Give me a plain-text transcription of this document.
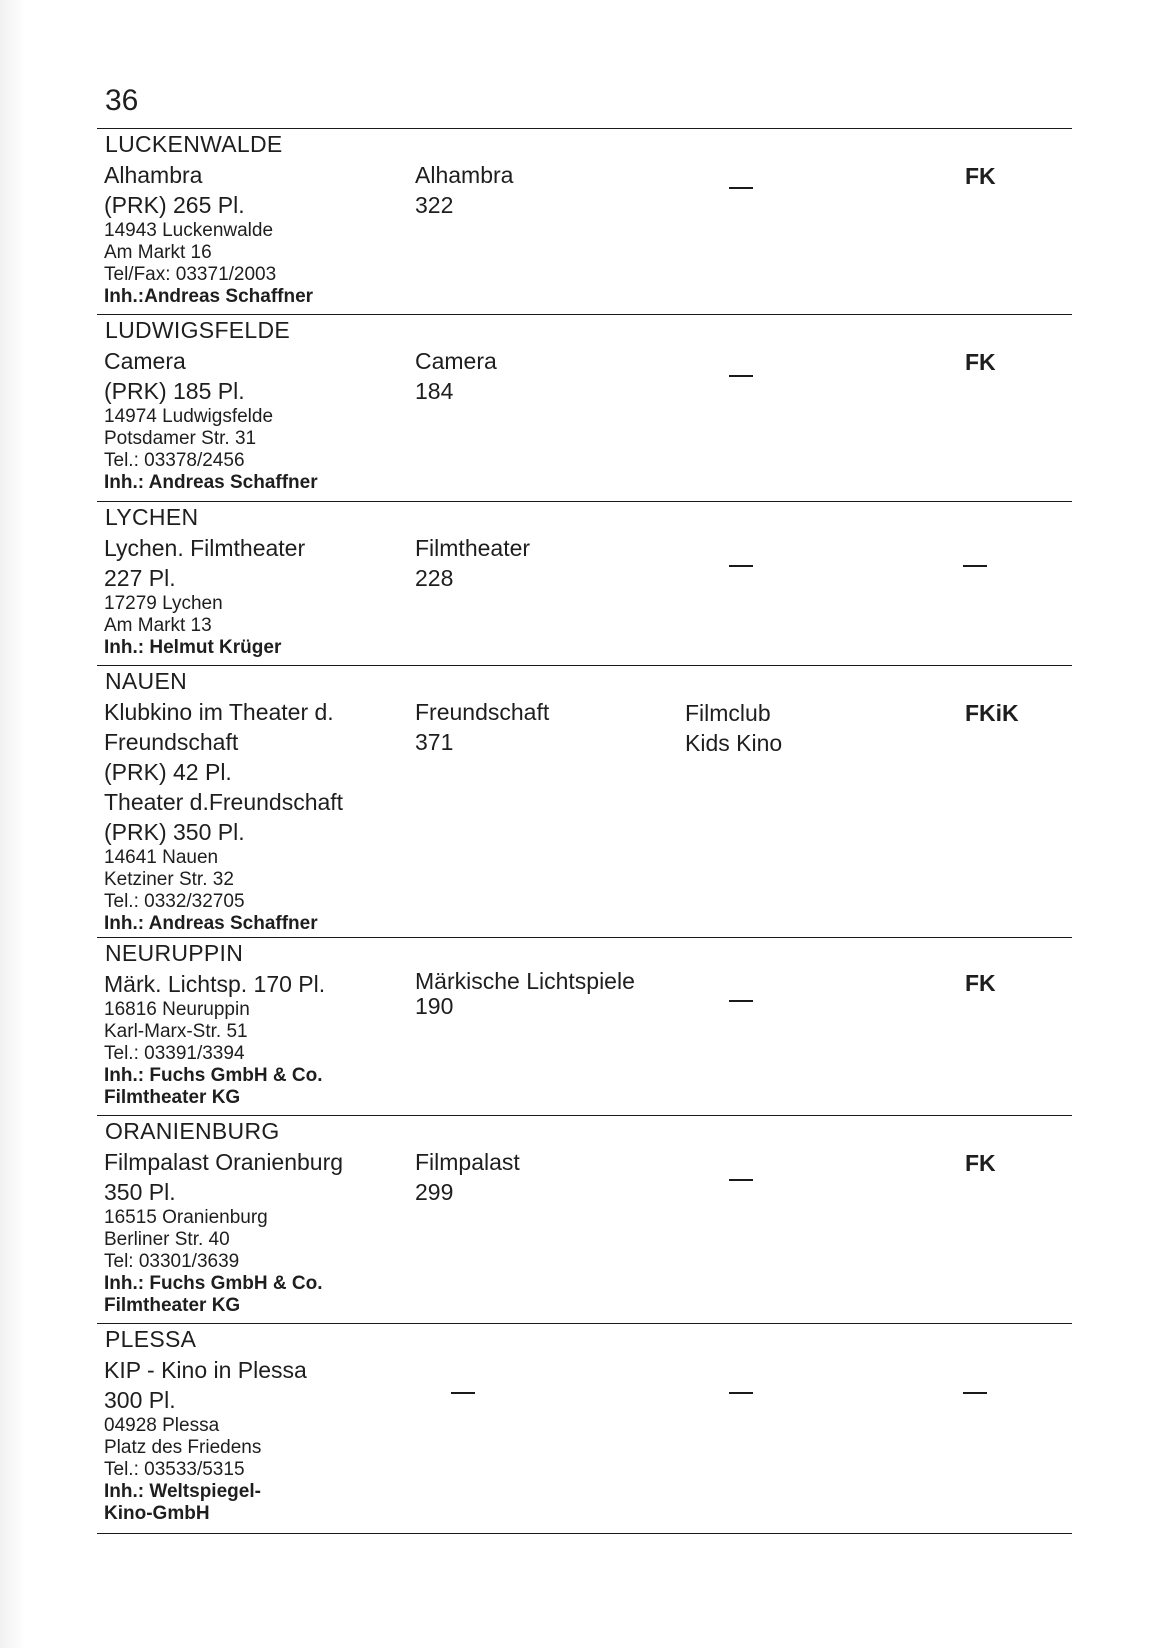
36
LUCKENWALDE
Alhambra
(PRK) 265 Pl.
14943 Luckenwalde
Am Markt 16
Tel/Fax: 03371/2003
Inh.:Andreas Schaffner
Alhambra
322
FK
LUDWIGSFELDE
Camera
(PRK) 185 Pl.
14974 Ludwigsfelde
Potsdamer Str. 31
Tel.: 03378/2456
Inh.: Andreas Schaffner
Camera
184
FK
LYCHEN
Lychen. Filmtheater
227 Pl.
17279 Lychen
Am Markt 13
Inh.: Helmut Krüger
Filmtheater
228
NAUEN
Klubkino im Theater d.
Freundschaft
(PRK) 42 Pl.
Theater d.Freundschaft
(PRK) 350 Pl.
14641 Nauen
Ketziner Str. 32
Tel.: 0332/32705
Inh.: Andreas Schaffner
Freundschaft
371
Filmclub
Kids Kino
FKiK
NEURUPPIN
Märk. Lichtsp. 170 Pl.
16816 Neuruppin
Karl-Marx-Str. 51
Tel.: 03391/3394
Inh.: Fuchs GmbH & Co.
Filmtheater KG
Märkische Lichtspiele
190
FK
ORANIENBURG
Filmpalast Oranienburg
350 Pl.
16515 Oranienburg
Berliner Str. 40
Tel: 03301/3639
Inh.: Fuchs GmbH & Co.
Filmtheater KG
Filmpalast
299
FK
PLESSA
KIP - Kino in Plessa
300 Pl.
04928 Plessa
Platz des Friedens
Tel.: 03533/5315
Inh.: Weltspiegel-
Kino-GmbH
